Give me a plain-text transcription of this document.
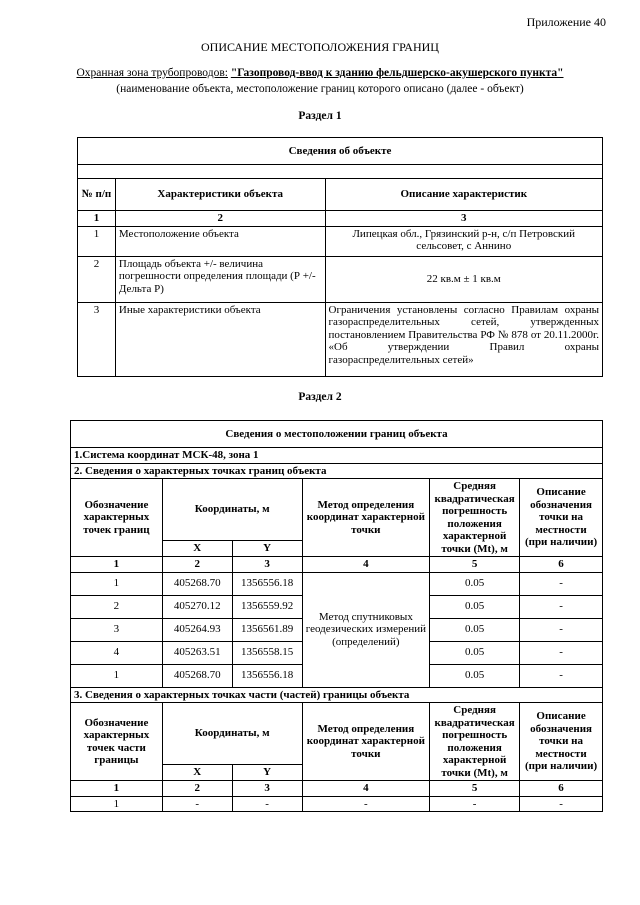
Приложение 40
ОПИСАНИЕ МЕСТОПОЛОЖЕНИЯ ГРАНИЦ
Охранная зона трубопроводов: "Газопровод-ввод к зданию фельдшерско-акушерского пункта"
(наименование объекта, местоположение границ которого описано (далее - объект)
Раздел 1
Сведения об объекте		

№ п/п	Характеристики объекта	Описание характеристик
1	2	3
1	Местоположение объекта	Липецкая обл., Грязинский р-н, с/п Петровский сельсовет, с Аннино
2	Площадь объекта +/- величина погрешности определения площади (Р +/- Дельта Р)	22 кв.м ± 1 кв.м
3	Иные характеристики объекта	Ограничения установлены согласно Правилам охраны газораспределительных сетей, утвержденных постановлением Правительства РФ № 878 от 20.11.2000г. «Об утверждении Правил охраны газораспределительных сетей»
Раздел 2
Сведения о местоположении границ объекта					
1.Система координат МСК-48, зона 1					
2. Сведения о характерных точках границ объекта					
Обозначение характерных точек границ	Координаты, м		Метод определения координат характерной точки	Средняя квадратическая погрешность положения характерной точки (Mt), м	Описание обозначения точки на местности (при наличии)
	X	Y			
1	2	3	4	5	6
1	405268.70	1356556.18	Метод спутниковых геодезических измерений (определений)	0.05	-
2	405270.12	1356559.92		0.05	-
3	405264.93	1356561.89		0.05	-
4	405263.51	1356558.15		0.05	-
1	405268.70	1356556.18		0.05	-
3. Сведения о характерных точках части (частей) границы объекта					
Обозначение характерных точек части границы	Координаты, м		Метод определения координат характерной точки	Средняя квадратическая погрешность положения характерной точки (Mt), м	Описание обозначения точки на местности (при наличии)
	X	Y			
1	2	3	4	5	6
1	-	-	-	-	-
